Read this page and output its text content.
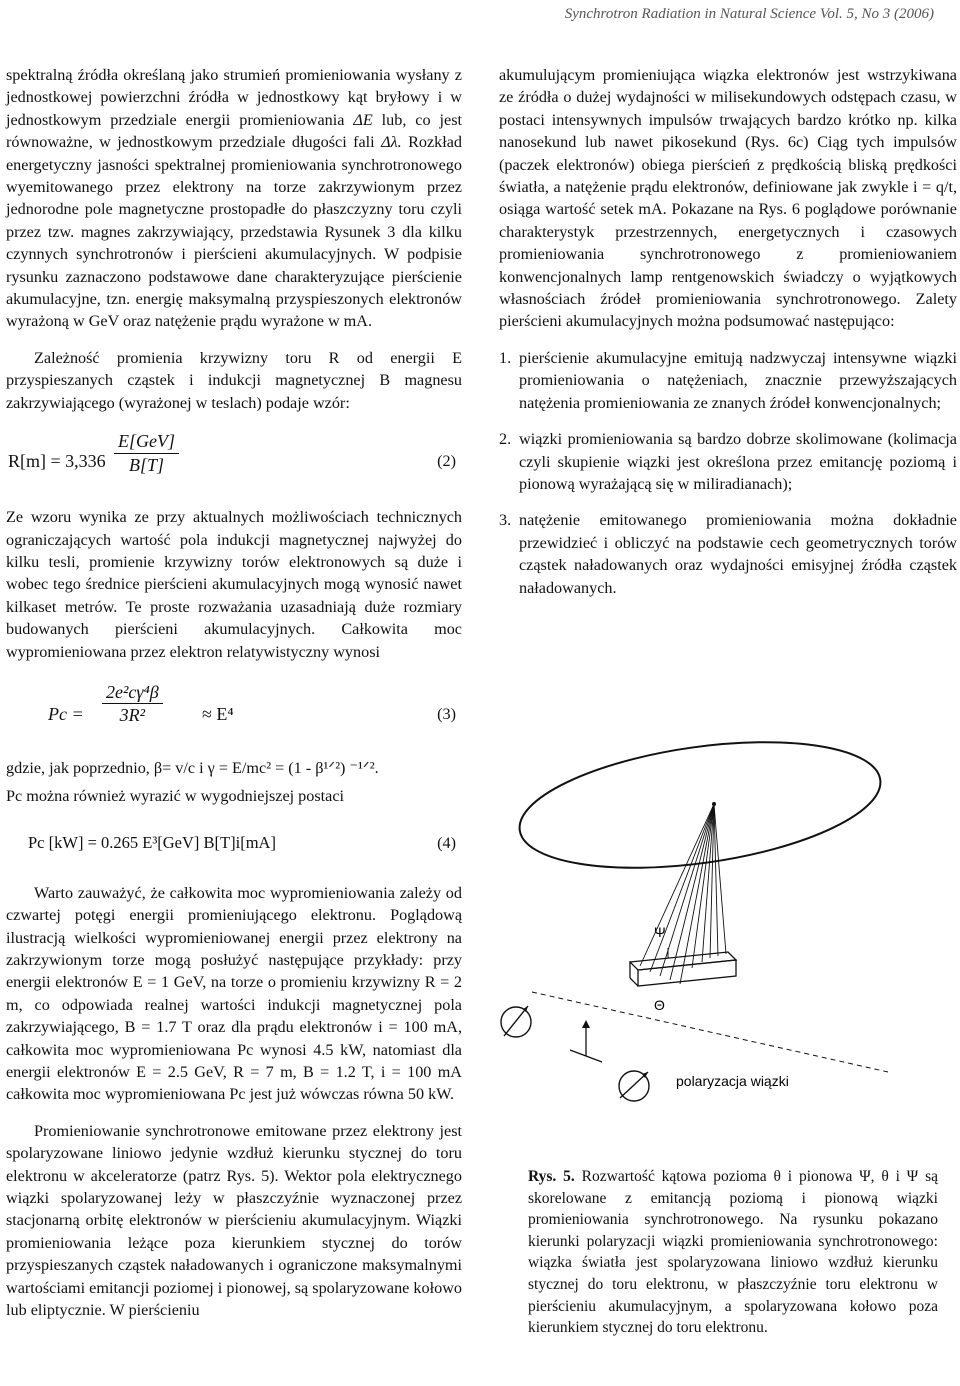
Synchrotron Radiation in Natural Science Vol. 5, No 3 (2006)

spektralną źródła określaną jako strumień promieniowania wysłany z jednostkowej powierzchni źródła w jednostkowy kąt bryłowy i w jednostkowym przedziale energii promieniowania ΔE lub, co jest równoważne, w jednostkowym przedziale długości fali Δλ. Rozkład energetyczny jasności spektralnej promieniowania synchrotronowego wyemitowanego przez elektrony na torze zakrzywionym przez jednorodne pole magnetyczne prostopadłe do płaszczyzny toru czyli przez tzw. magnes zakrzywiający, przedstawia Rysunek 3 dla kilku czynnych synchrotronów i pierścieni akumulacyjnych. W podpisie rysunku zaznaczono podstawowe dane charakteryzujące pierścienie akumulacyjne, tzn. energię maksymalną przyspieszonych elektronów wyrażoną w GeV oraz natężenie prądu wyrażone w mA.

Zależność promienia krzywizny toru R od energii E przyspieszanych cząstek i indukcji magnetycznej B magnesu zakrzywiającego (wyrażonej w teslach) podaje wzór:

R[m] = 3,336
E[GeV]
B[T]	(2)

Ze wzoru wynika ze przy aktualnych możliwościach technicznych ograniczających wartość pola indukcji magnetycznej najwyżej do kilku tesli, promienie krzywizny torów elektronowych są duże i wobec tego średnice pierścieni akumulacyjnych mogą wynosić nawet kilkaset metrów. Te proste rozważania uzasadniają duże rozmiary budowanych pierścieni akumulacyjnych. Całkowita moc wypromieniowana przez elektron relatywistyczny wynosi

$Pc = \frac{\text{2e²cγ⁴β}}{\text{3R²}} \approx E^4$	(3)

gdzie, jak poprzednio, β= v/c i γ = E/mc² = (1 - β¹ᐟ²) ⁻¹ᐟ².

Pc można również wyrazić w wygodniejszej postaci

Pc [kW] = 0.265 E³[GeV] B[T]i[mA]	(4)

Warto zauważyć, że całkowita moc wypromieniowania zależy od czwartej potęgi energii promieniującego elektronu. Poglądową ilustracją wielkości wypromieniowanej energii przez elektrony na zakrzywionym torze mogą posłużyć następujące przykłady: przy energii elektronów E = 1 GeV, na torze o promieniu krzywizny R = 2 m, co odpowiada realnej wartości indukcji magnetycznej pola zakrzywiającego, B = 1.7 T oraz dla prądu elektronów i = 100 mA, całkowita moc wypromieniowana Pc wynosi 4.5 kW, natomiast dla energii elektronów E = 2.5 GeV, R = 7 m, B = 1.2 T, i = 100 mA całkowita moc wypromieniowana Pc jest już wówczas równa 50 kW.

Promieniowanie synchrotronowe emitowane przez elektrony jest spolaryzowane liniowo jedynie wzdłuż kierunku stycznej do toru elektronu w akceleratorze (patrz Rys. 5). Wektor pola elektrycznego wiązki spolaryzowanej leży w płaszczyźnie wyznaczonej przez stacjonarną orbitę elektronów w pierścieniu akumulacyjnym. Wiązki promieniowania leżące poza kierunkiem stycznej do torów przyspieszanych cząstek naładowanych i ograniczone maksymalnymi wartościami emitancji poziomej i pionowej, są spolaryzowane kołowo lub eliptycznie. W pierścieniu

akumulującym promieniująca wiązka elektronów jest wstrzykiwana ze źródła o dużej wydajności w milisekundowych odstępach czasu, w postaci intensywnych impulsów trwających bardzo krótko np. kilka nanosekund lub nawet pikosekund (Rys. 6c) Ciąg tych impulsów (paczek elektronów) obiega pierścień z prędkością bliską prędkości światła, a natężenie prądu elektronów, definiowane jak zwykle i = q/t, osiąga wartość setek mA. Pokazane na Rys. 6 poglądowe porównanie charakterystyk przestrzennych, energetycznych i czasowych promieniowania synchrotronowego z promieniowaniem konwencjonalnych lamp rentgenowskich świadczy o wyjątkowych własnościach źródeł promieniowania synchrotronowego. Zalety pierścieni akumulacyjnych można podsumować następująco:

1. pierścienie akumulacyjne emitują nadzwyczaj intensywne wiązki promieniowania o natężeniach, znacznie przewyższających natężenia promieniowania ze znanych źródeł konwencjonalnych;
2. wiązki promieniowania są bardzo dobrze skolimowane (kolimacja czyli skupienie wiązki jest określona przez emitancję poziomą i pionową wyrażającą się w miliradianach);
3. natężenie emitowanego promieniowania można dokładnie przewidzieć i obliczyć na podstawie cech geometrycznych torów cząstek naładowanych oraz wydajności emisyjnej źródła cząstek naładowanych.
Ψ
Θ
polaryzacja wiązki
Rys. 5. Rozwartość kątowa pozioma θ i pionowa Ψ, θ i Ψ są skorelowane z emitancją poziomą i pionową wiązki promieniowania synchrotronowego. Na rysunku pokazano kierunki polaryzacji wiązki promieniowania synchrotronowego: wiązka światła jest spolaryzowana liniowo wzdłuż kierunku stycznej do toru elektronu, w płaszczyźnie toru elektronu w pierścieniu akumulacyjnym, a spolaryzowana kołowo poza kierunkiem stycznej do toru elektronu.
